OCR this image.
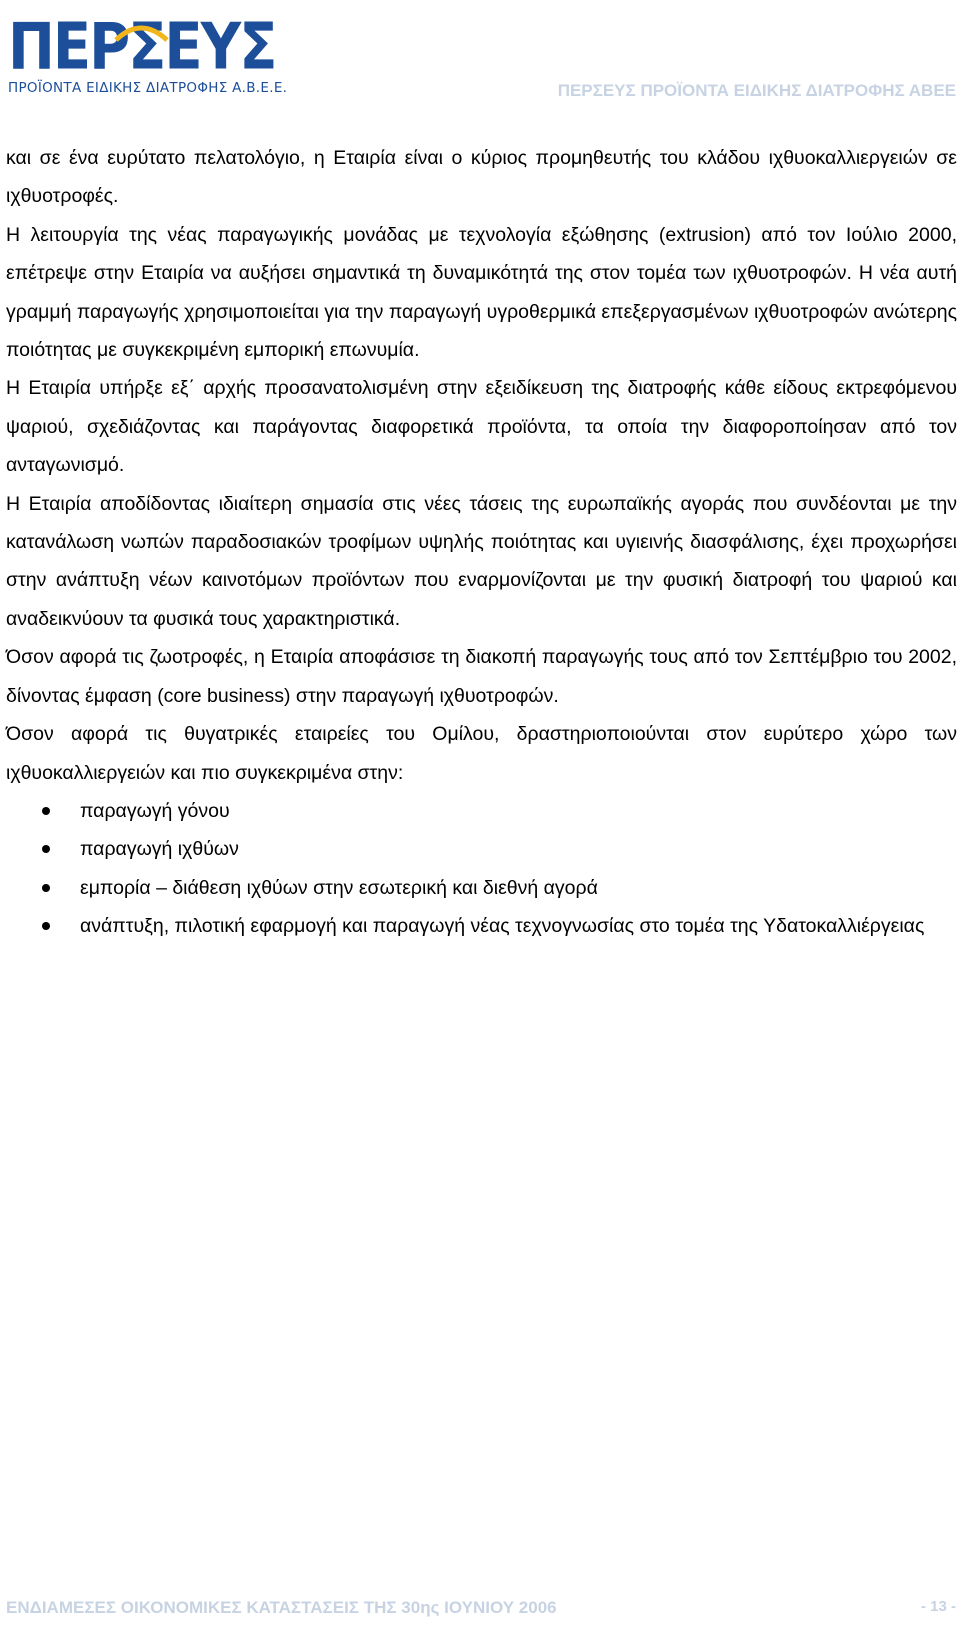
ΠΕΡΣΕΥΣ
ΠΡΟΪΟΝΤΑ ΕΙΔΙΚΗΣ ΔΙΑΤΡΟΦΗΣ Α.Β.Ε.Ε.	ΠΕΡΣΕΥΣ ΠΡΟΪΟΝΤΑ ΕΙΔΙΚΗΣ ΔΙΑΤΡΟΦΗΣ ΑΒΕΕ

και σε ένα ευρύτατο πελατολόγιο, η Εταιρία είναι ο κύριος προμηθευτής του κλάδου ιχθυοκαλλιεργειών σε ιχθυοτροφές.

Η λειτουργία της νέας παραγωγικής μονάδας με τεχνολογία εξώθησης (extrusion) από τον Ιούλιο 2000, επέτρεψε στην Εταιρία να αυξήσει σημαντικά τη δυναμικότητά της στον τομέα των ιχθυοτροφών. Η νέα αυτή γραμμή παραγωγής χρησιμοποιείται για την παραγωγή υγροθερμικά επεξεργασμένων ιχθυοτροφών ανώτερης ποιότητας με συγκεκριμένη εμπορική επωνυμία.

Η Εταιρία υπήρξε εξ΄ αρχής προσανατολισμένη στην εξειδίκευση της διατροφής κάθε είδους εκτρεφόμενου ψαριού, σχεδιάζοντας και παράγοντας διαφορετικά προϊόντα, τα οποία την διαφοροποίησαν από τον ανταγωνισμό.

Η Εταιρία αποδίδοντας ιδιαίτερη σημασία στις νέες τάσεις της ευρωπαϊκής αγοράς που συνδέονται με την κατανάλωση νωπών παραδοσιακών τροφίμων υψηλής ποιότητας και υγιεινής διασφάλισης, έχει προχωρήσει στην ανάπτυξη νέων καινοτόμων προϊόντων που εναρμονίζονται με την φυσική διατροφή του ψαριού και αναδεικνύουν τα φυσικά τους χαρακτηριστικά.

Όσον αφορά τις ζωοτροφές, η Εταιρία αποφάσισε τη διακοπή παραγωγής τους από τον Σεπτέμβριο του 2002, δίνοντας έμφαση (core business) στην παραγωγή ιχθυοτροφών.

Όσον αφορά τις θυγατρικές εταιρείες του Ομίλου, δραστηριοποιούνται στον ευρύτερο χώρο των ιχθυοκαλλιεργειών και πιο συγκεκριμένα στην:

παραγωγή γόνου
παραγωγή ιχθύων
εμπορία – διάθεση ιχθύων στην εσωτερική και διεθνή αγορά
ανάπτυξη, πιλοτική εφαρμογή και παραγωγή νέας τεχνογνωσίας στο τομέα της Υδατοκαλλιέργειας
ΕΝΔΙΑΜΕΣΕΣ ΟΙΚΟΝΟΜΙΚΕΣ ΚΑΤΑΣΤΑΣΕΙΣ ΤΗΣ 30ης ΙΟΥΝΙΟΥ 2006	- 13 -
